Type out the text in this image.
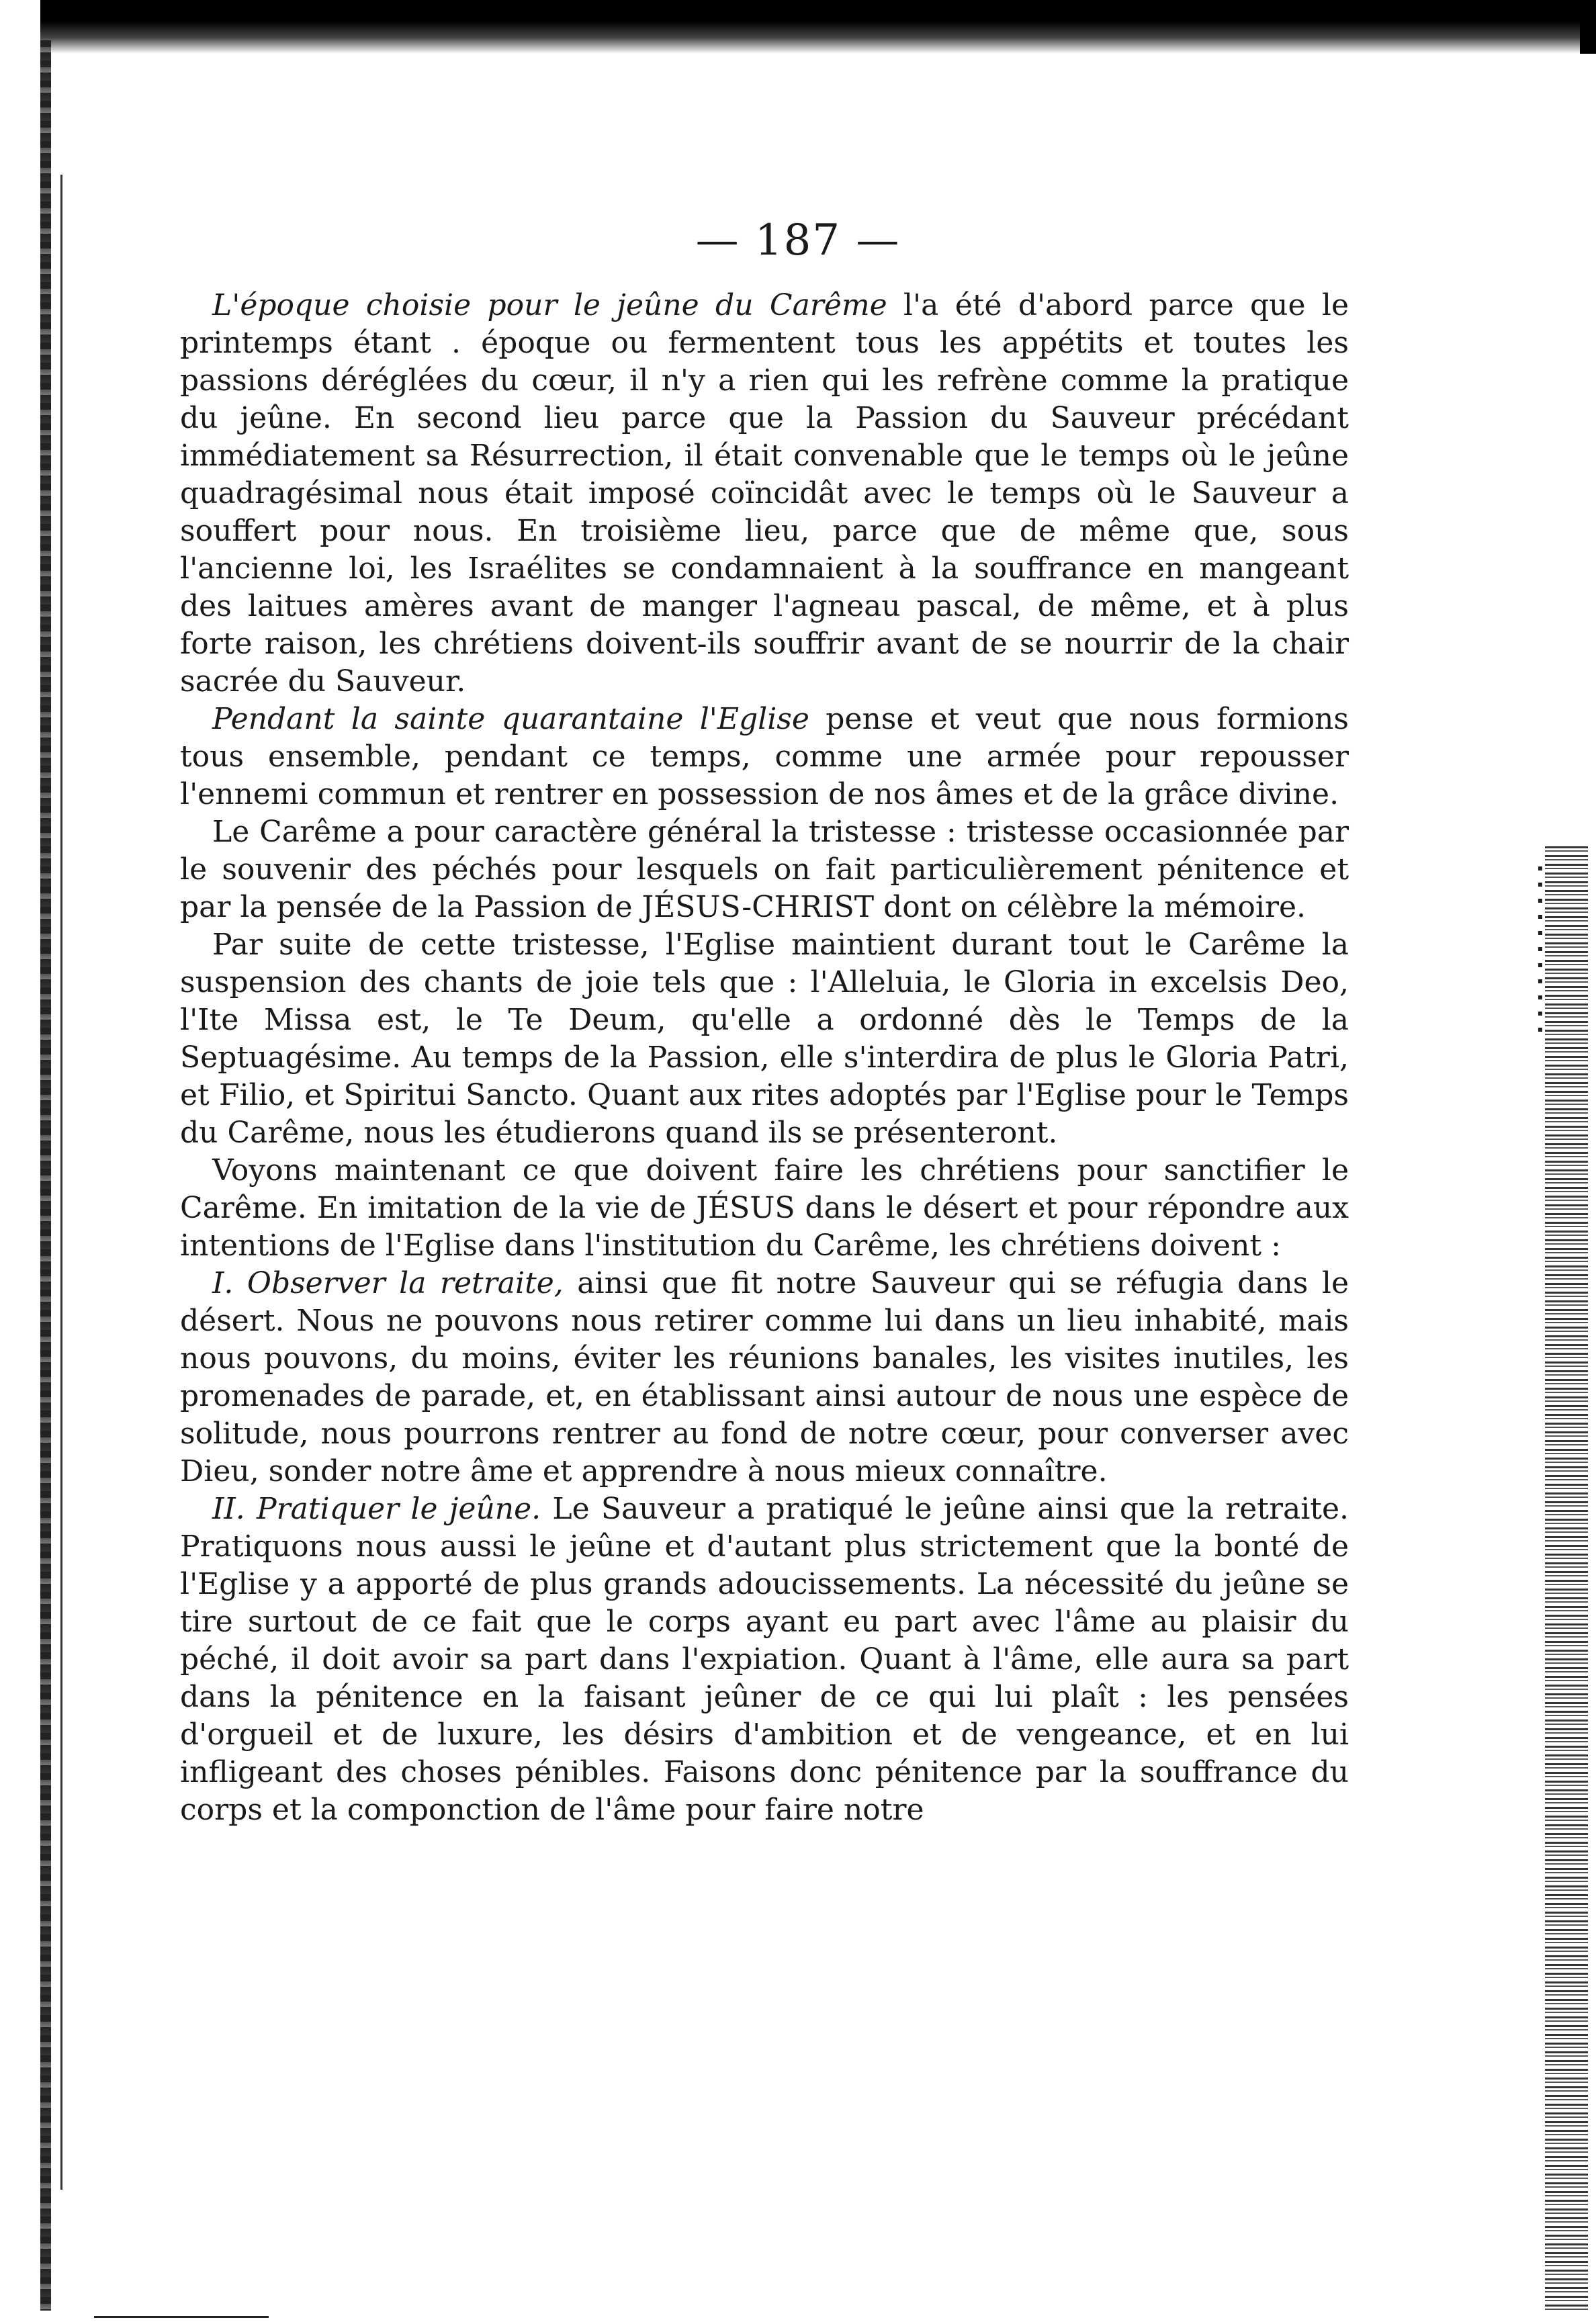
— 187 —

L'époque choisie pour le jeûne du Carême l'a été d'abord parce que le printemps étant . époque ou fermentent tous les appétits et toutes les passions déréglées du cœur, il n'y a rien qui les refrène comme la pratique du jeûne. En second lieu parce que la Passion du Sauveur précédant immédiatement sa Résurrection, il était convenable que le temps où le jeûne quadragésimal nous était imposé coïncidât avec le temps où le Sauveur a souffert pour nous. En troisième lieu, parce que de même que, sous l'ancienne loi, les Israélites se condamnaient à la souffrance en mangeant des laitues amères avant de manger l'agneau pascal, de même, et à plus forte raison, les chrétiens doivent-ils souffrir avant de se nourrir de la chair sacrée du Sauveur.

Pendant la sainte quarantaine l'Eglise pense et veut que nous formions tous ensemble, pendant ce temps, comme une armée pour repousser l'ennemi commun et rentrer en possession de nos âmes et de la grâce divine.

Le Carême a pour caractère général la tristesse : tristesse occasionnée par le souvenir des péchés pour lesquels on fait particulièrement pénitence et par la pensée de la Passion de JÉSUS-CHRIST dont on célèbre la mémoire.

Par suite de cette tristesse, l'Eglise maintient durant tout le Carême la suspension des chants de joie tels que : l'Alleluia, le Gloria in excelsis Deo, l'Ite Missa est, le Te Deum, qu'elle a ordonné dès le Temps de la Septuagésime. Au temps de la Passion, elle s'interdira de plus le Gloria Patri, et Filio, et Spiritui Sancto. Quant aux rites adoptés par l'Eglise pour le Temps du Carême, nous les étudierons quand ils se présenteront.

Voyons maintenant ce que doivent faire les chrétiens pour sanctifier le Carême. En imitation de la vie de JÉSUS dans le désert et pour répondre aux intentions de l'Eglise dans l'institution du Carême, les chrétiens doivent :

I. Observer la retraite, ainsi que fit notre Sauveur qui se réfugia dans le désert. Nous ne pouvons nous retirer comme lui dans un lieu inhabité, mais nous pouvons, du moins, éviter les réunions banales, les visites inutiles, les promenades de parade, et, en établissant ainsi autour de nous une espèce de solitude, nous pourrons rentrer au fond de notre cœur, pour converser avec Dieu, sonder notre âme et apprendre à nous mieux connaître.

II. Pratiquer le jeûne. Le Sauveur a pratiqué le jeûne ainsi que la retraite. Pratiquons nous aussi le jeûne et d'autant plus strictement que la bonté de l'Eglise y a apporté de plus grands adoucissements. La nécessité du jeûne se tire surtout de ce fait que le corps ayant eu part avec l'âme au plaisir du péché, il doit avoir sa part dans l'expiation. Quant à l'âme, elle aura sa part dans la pénitence en la faisant jeûner de ce qui lui plaît : les pensées d'orgueil et de luxure, les désirs d'ambition et de vengeance, et en lui infligeant des choses pénibles. Faisons donc pénitence par la souffrance du corps et la componction de l'âme pour faire notre
